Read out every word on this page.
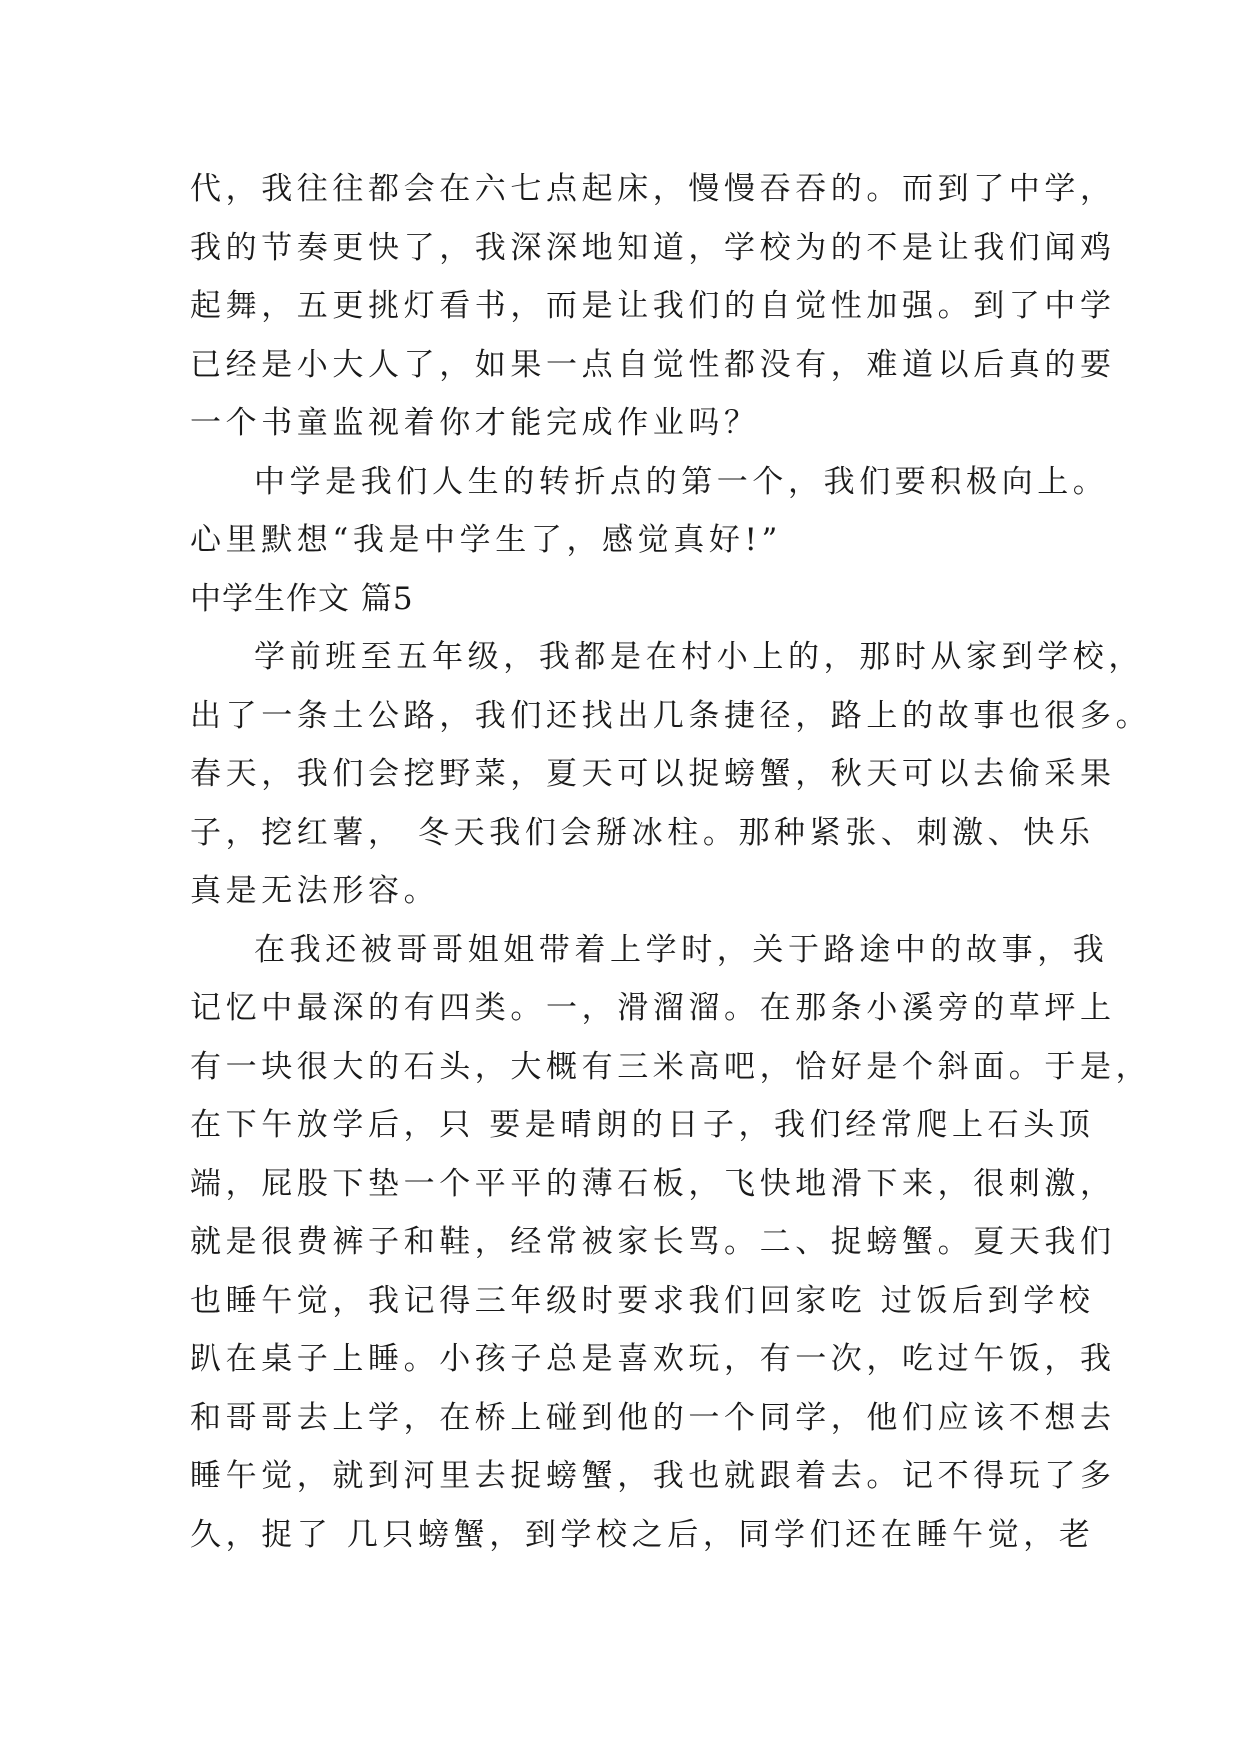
代，我往往都会在六七点起床，慢慢吞吞的。而到了中学，
我的节奏更快了，我深深地知道，学校为的不是让我们闻鸡
起舞，五更挑灯看书，而是让我们的自觉性加强。到了中学
已经是小大人了，如果一点自觉性都没有，难道以后真的要
一个书童监视着你才能完成作业吗？
中学是我们人生的转折点的第一个，我们要积极向上。
心里默想“我是中学生了，感觉真好!”
中学生作文 篇5
学前班至五年级，我都是在村小上的，那时从家到学校，
出了一条土公路，我们还找出几条捷径，路上的故事也很多。
春天，我们会挖野菜，夏天可以捉螃蟹，秋天可以去偷采果
子，挖红薯， 冬天我们会掰冰柱。那种紧张、刺激、快乐
真是无法形容。
在我还被哥哥姐姐带着上学时，关于路途中的故事，我
记忆中最深的有四类。一，滑溜溜。在那条小溪旁的草坪上
有一块很大的石头，大概有三米高吧，恰好是个斜面。于是，
在下午放学后，只 要是晴朗的日子，我们经常爬上石头顶
端，屁股下垫一个平平的薄石板，飞快地滑下来，很刺激，
就是很费裤子和鞋，经常被家长骂。二、捉螃蟹。夏天我们
也睡午觉，我记得三年级时要求我们回家吃 过饭后到学校
趴在桌子上睡。小孩子总是喜欢玩，有一次，吃过午饭，我
和哥哥去上学，在桥上碰到他的一个同学，他们应该不想去
睡午觉，就到河里去捉螃蟹，我也就跟着去。记不得玩了多
久，捉了 几只螃蟹，到学校之后，同学们还在睡午觉，老
